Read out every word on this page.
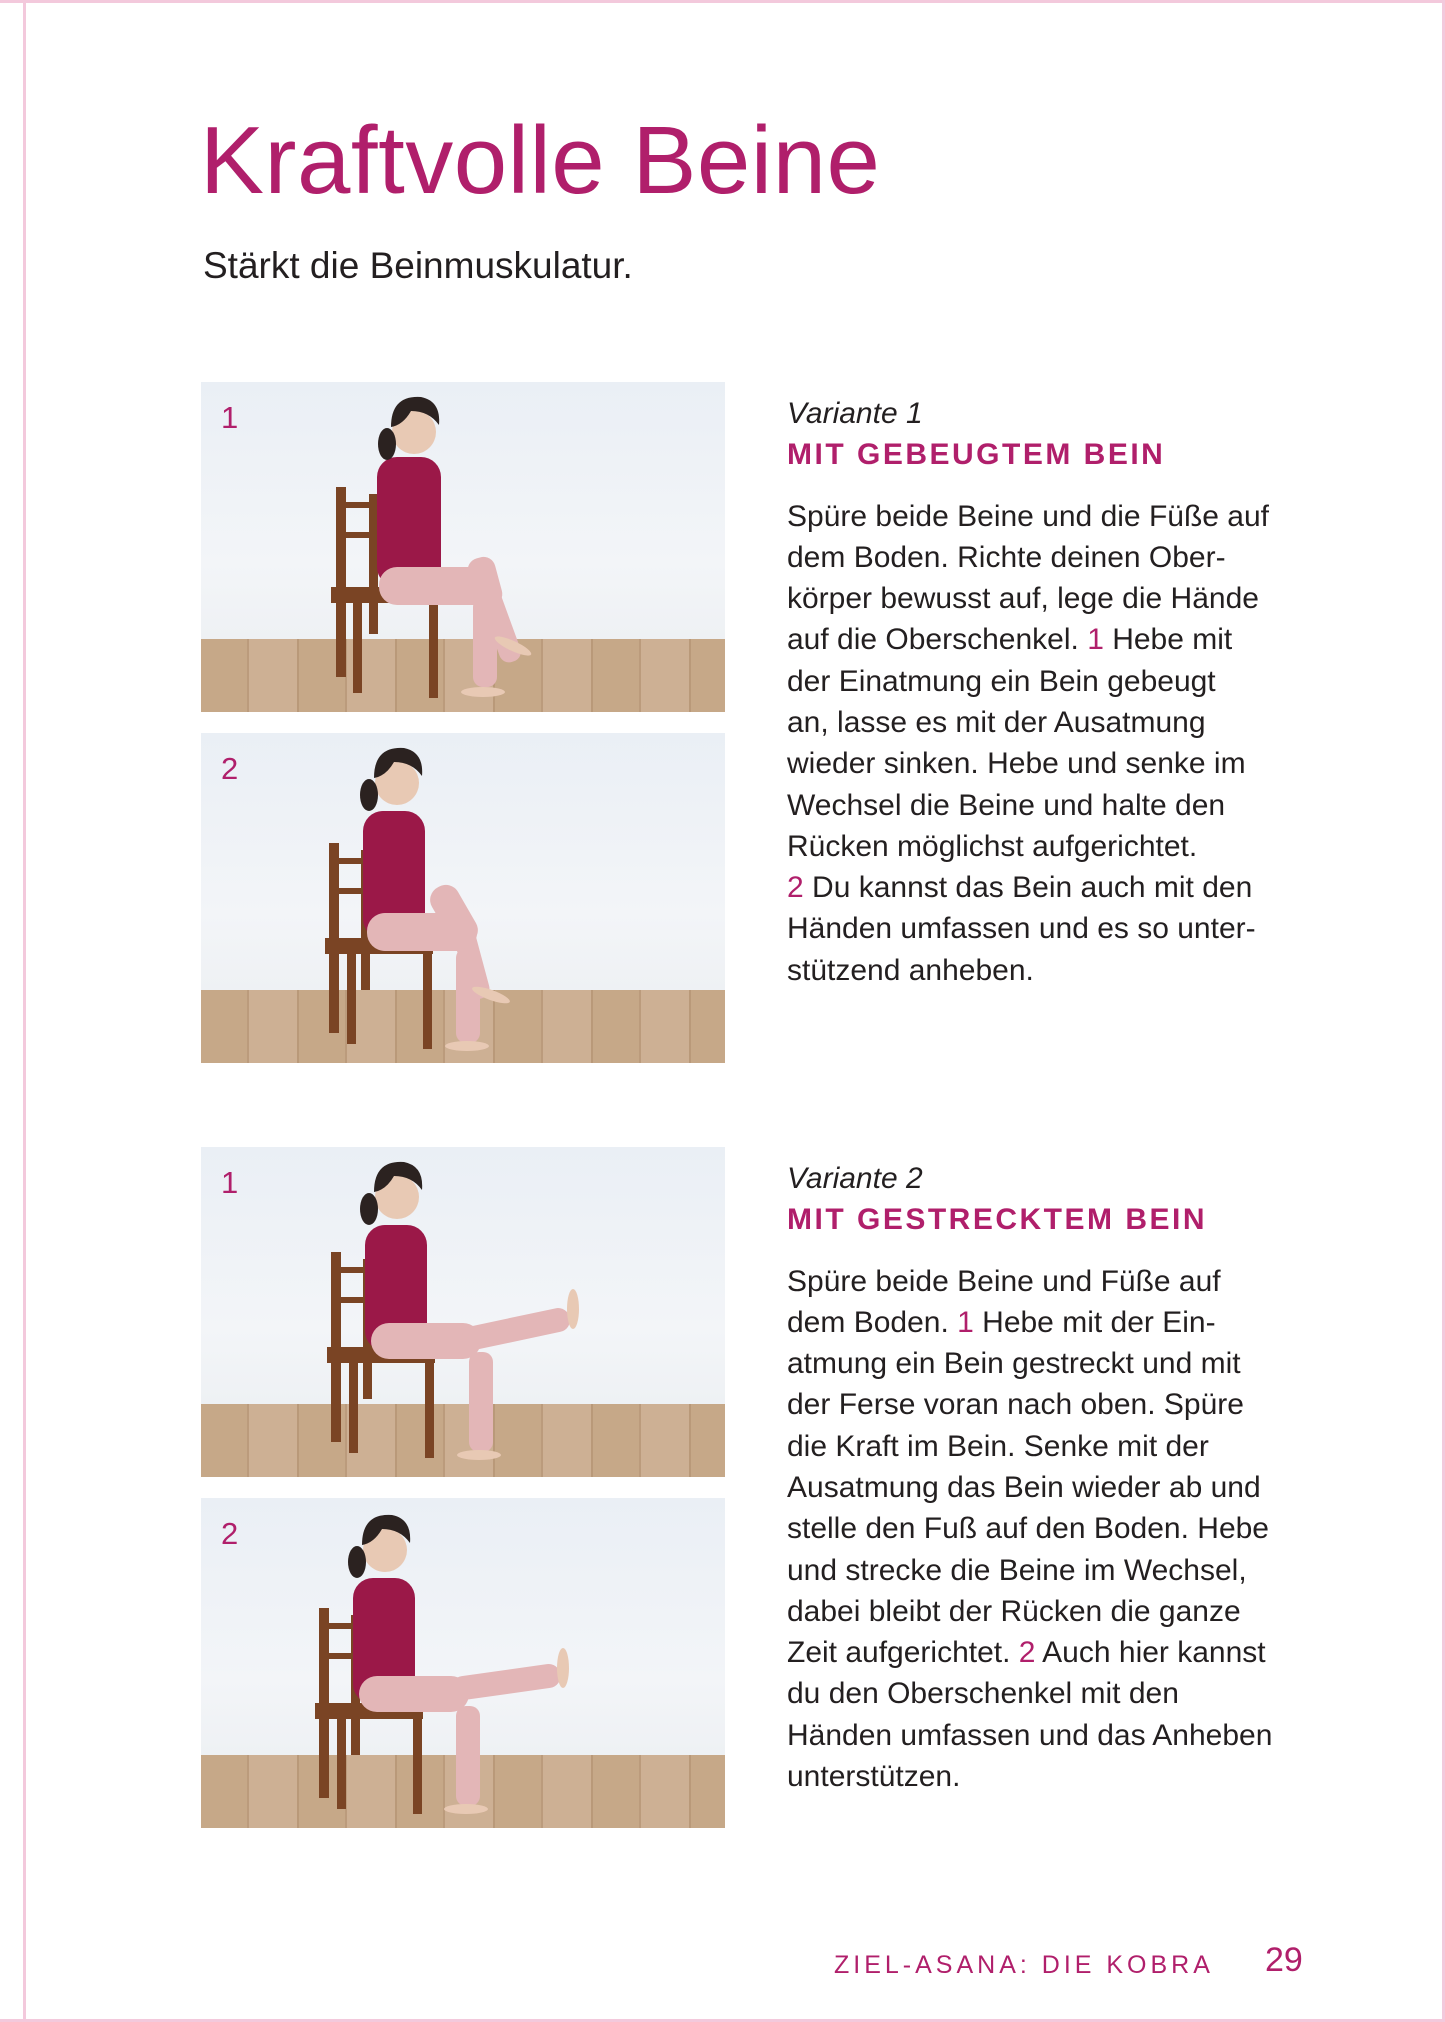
Kraftvolle Beine
Stärkt die Beinmuskulatur.
1
2
1
2

Variante 1

MIT GEBEUGTEM BEIN

Spüre beide Beine und die Füße auf
dem Boden. Richte deinen Ober-
körper bewusst auf, lege die Hände
auf die Oberschenkel. 1 Hebe mit
der Einatmung ein Bein gebeugt
an, lasse es mit der Ausatmung
wieder sinken. Hebe und senke im
Wechsel die Beine und halte den
Rücken möglichst aufgerichtet.
2 Du kannst das Bein auch mit den
Händen umfassen und es so unter-
stützend anheben.

Variante 2

MIT GESTRECKTEM BEIN

Spüre beide Beine und Füße auf
dem Boden. 1 Hebe mit der Ein-
atmung ein Bein gestreckt und mit
der Ferse voran nach oben. Spüre
die Kraft im Bein. Senke mit der
Ausatmung das Bein wieder ab und
stelle den Fuß auf den Boden. Hebe
und strecke die Beine im Wechsel,
dabei bleibt der Rücken die ganze
Zeit aufgerichtet. 2 Auch hier kannst
du den Oberschenkel mit den
Händen umfassen und das Anheben
unterstützen.
ZIEL-ASANA: DIE KOBRA 29
